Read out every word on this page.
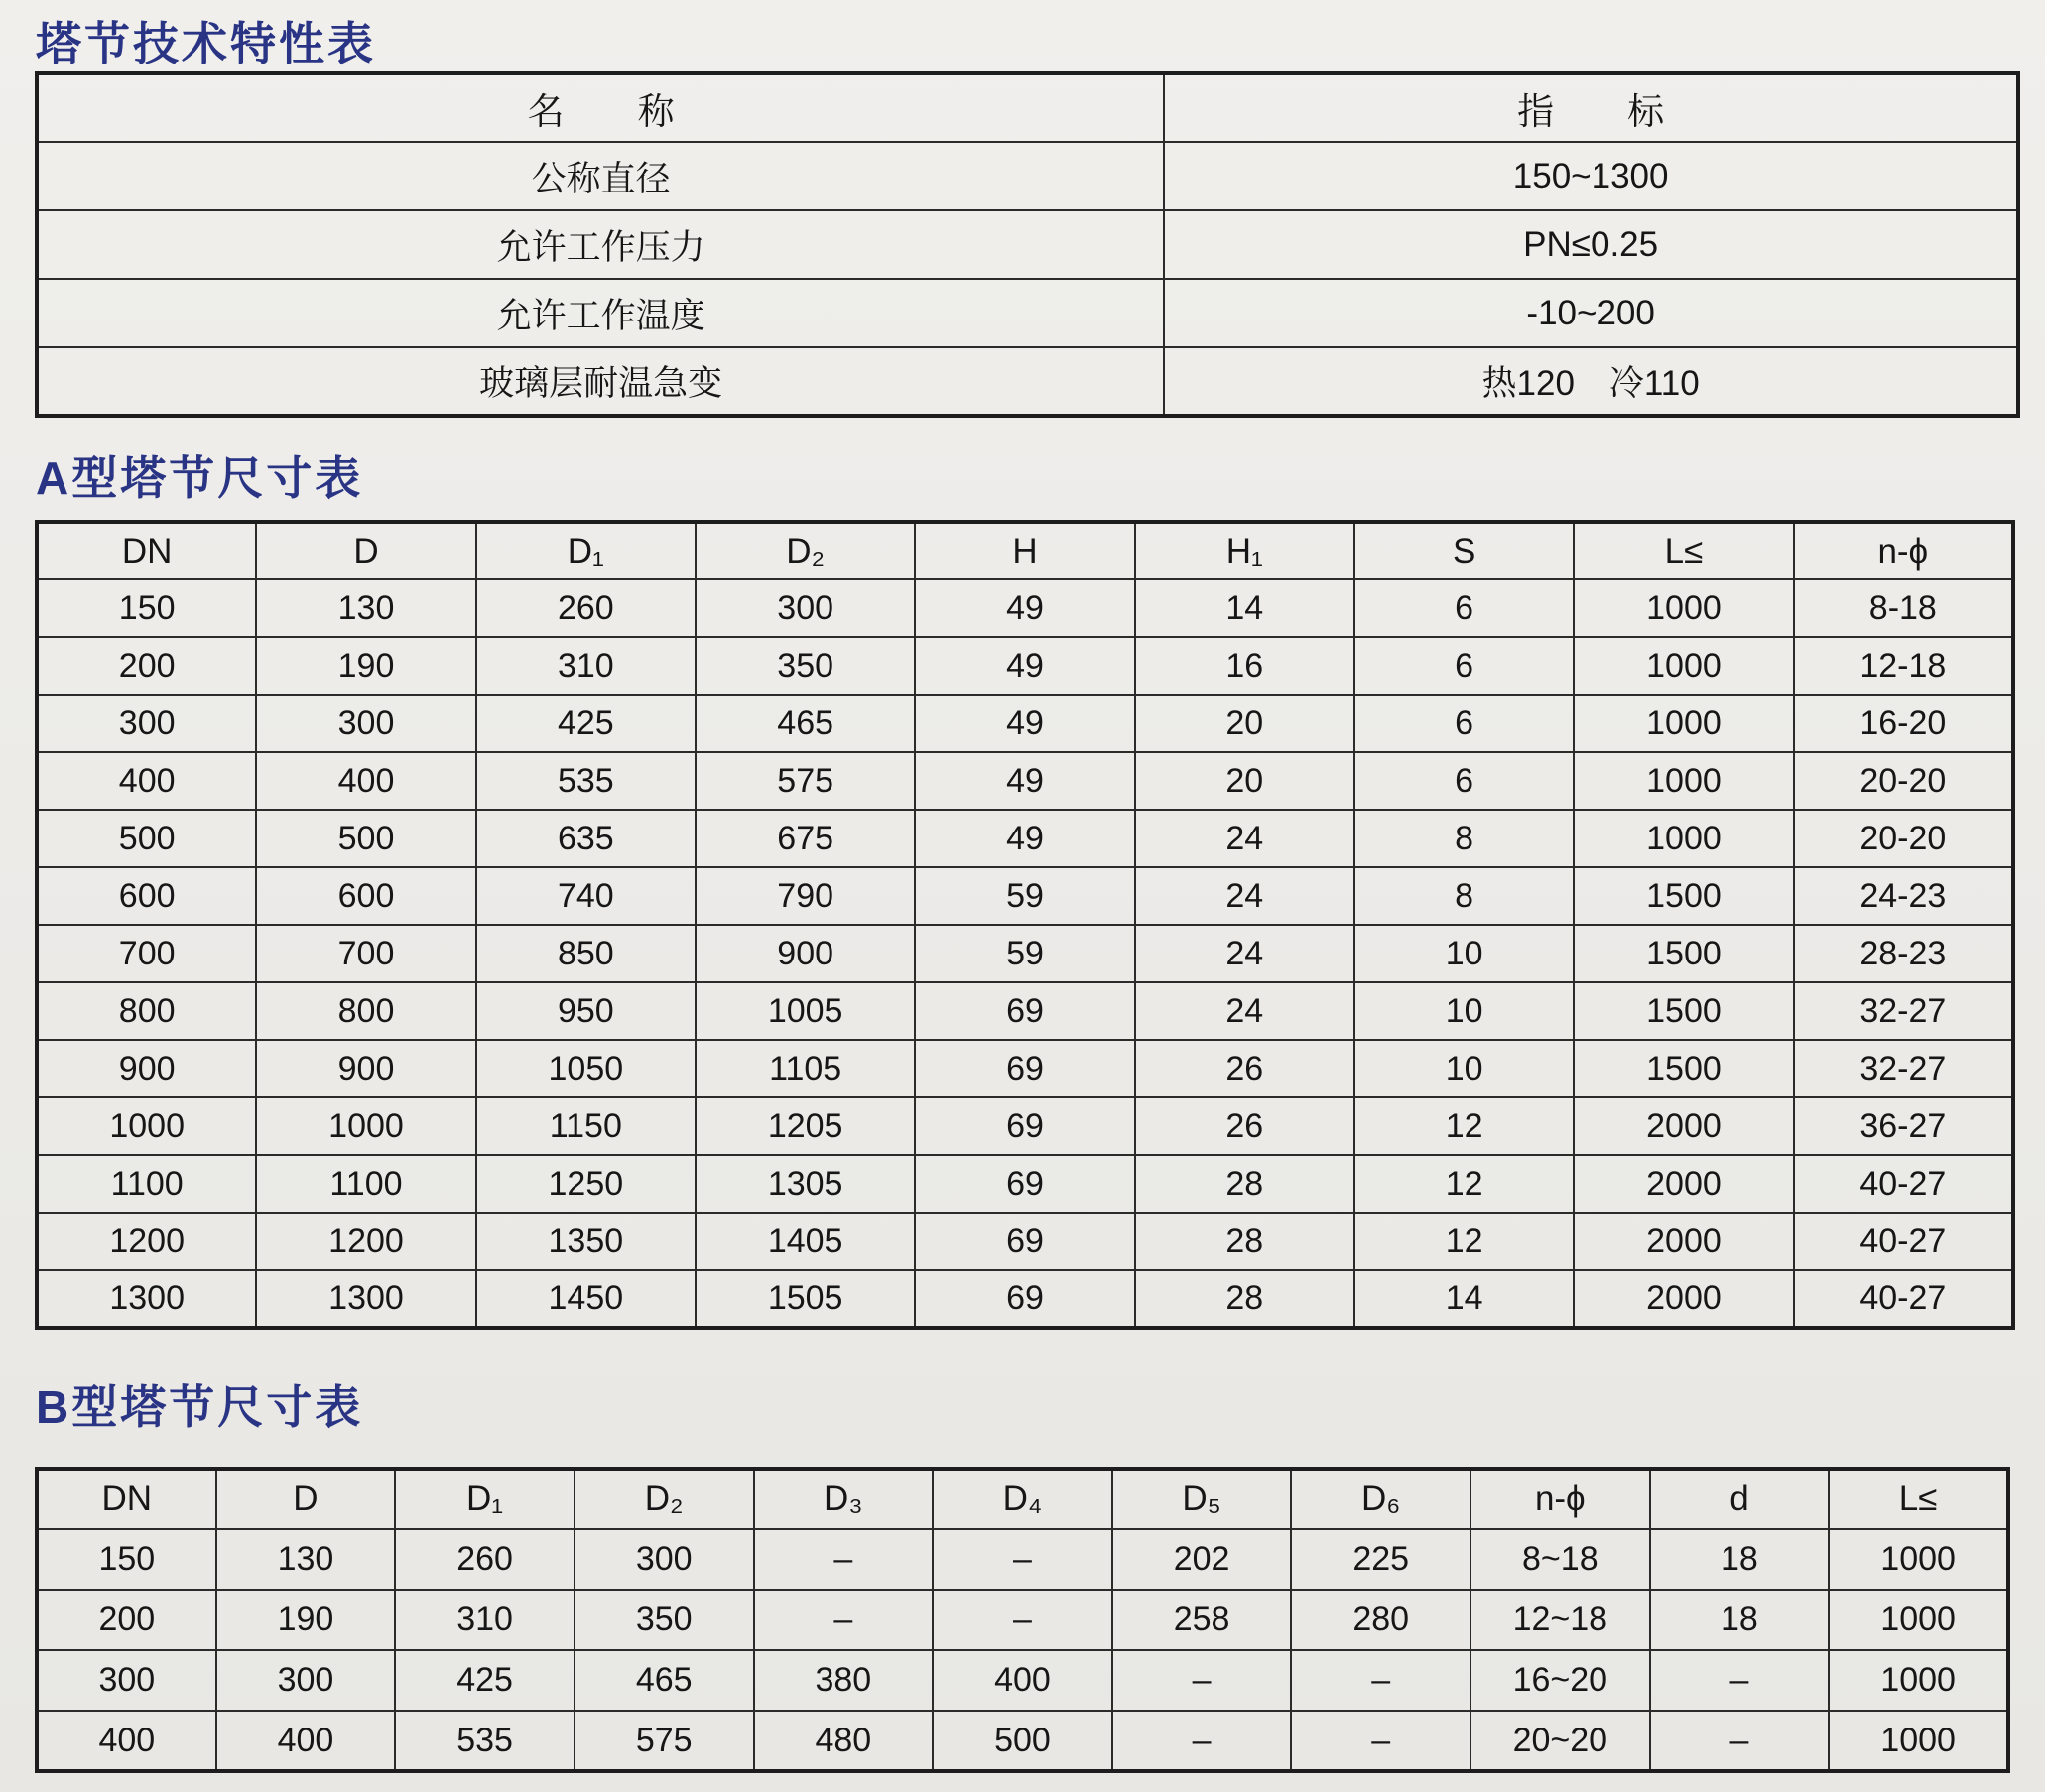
塔节技术特性表
名　　称	指　　标
公称直径	150~1300
允许工作压力	PN≤0.25
允许工作温度	-10~200
玻璃层耐温急变	热120　冷110
A型塔节尺寸表
DN	D	D₁	D₂	H	H₁	S	L≤	n-ϕ
150	130	260	300	49	14	6	1000	8-18
200	190	310	350	49	16	6	1000	12-18
300	300	425	465	49	20	6	1000	16-20
400	400	535	575	49	20	6	1000	20-20
500	500	635	675	49	24	8	1000	20-20
600	600	740	790	59	24	8	1500	24-23
700	700	850	900	59	24	10	1500	28-23
800	800	950	1005	69	24	10	1500	32-27
900	900	1050	1105	69	26	10	1500	32-27
1000	1000	1150	1205	69	26	12	2000	36-27
1100	1100	1250	1305	69	28	12	2000	40-27
1200	1200	1350	1405	69	28	12	2000	40-27
1300	1300	1450	1505	69	28	14	2000	40-27
B型塔节尺寸表
DN	D	D₁	D₂	D₃	D₄	D₅	D₆	n-ϕ	d	L≤
150	130	260	300	–	–	202	225	8~18	18	1000
200	190	310	350	–	–	258	280	12~18	18	1000
300	300	425	465	380	400	–	–	16~20	–	1000
400	400	535	575	480	500	–	–	20~20	–	1000
